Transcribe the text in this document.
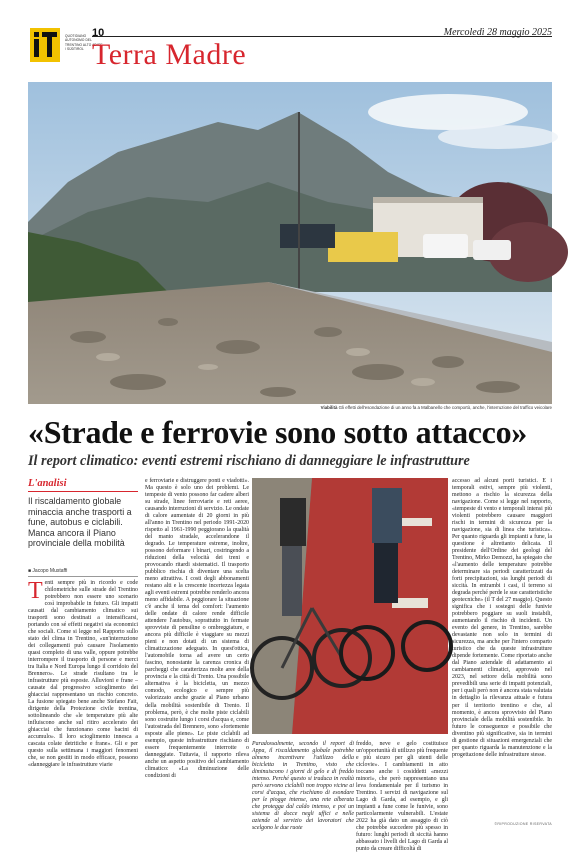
QUOTIDIANO AUTONOMO DEL TRENTINO ALTO ADIGE / SÜDTIROL
10	Mercoledì 28 maggio 2025
Terra Madre
Viabilità Gli effetti dell'esondazione di un anno fa a Malbanello che comportò, anche, l'interruzione del traffico veicolare
«Strade e ferrovie sono sotto attacco»
Il report climatico: eventi estremi rischiano di danneggiare le infrastrutture
L'analisi

Il riscaldamento globale minaccia anche trasporti a fune, autobus e ciclabili. Manca ancora il Piano provinciale della mobilità

■ Jacopo Mustaffi
Tenti sempre più in ricordo e code chilometriche sulle strade del Trentino potrebbero non essere uno scenario così improbabile in futuro. Gli impatti causati dal cambiamento climatico sui trasporti sono destinati a intensificarsi, portando con sé effetti negativi sia economici che sociali. Come si legge nel Rapporto sullo stato del clima in Trentino, «un'interruzione dei collegamenti può causare l'isolamento quasi completo di una valle, oppure potrebbe interrompere il trasporto di persone e merci tra Italia e Nord Europa lungo il corridoio del Brennero». Le strade risultano tra le infrastrutture più esposte. Alluvioni e frane – causate dal progressivo scioglimento dei ghiacciai rappresentano un rischio concreto. La fusione spiegato bene anche Stefano Fait, dirigente della Protezione civile trentina, sottolineando che «le temperature più alte influiscono anche sul ritiro accelerato dei ghiacciai che funzionano come bacini di accumulo». Il loro scioglimento innesca a cascata colate detritiche e frane». Gli e per questo sulla settimana i maggiori fenomeni che, se non gestiti in modo efficace, possono «danneggiare le infrastrutture viarie
e ferroviarie e distruggere ponti e viadotti». Ma questo è solo uno dei problemi. Le tempeste di vento possono far cadere alberi su strade, linee ferroviarie e reti aeree, causando interruzioni di servizio. Le ondate di calore aumentate di 20 giorni in più all'anno in Trentino nel periodo 1991-2020 rispetto al 1961-1990 peggiorano la qualità del manto stradale, accelerandone il degrado. Le temperature estreme, inoltre, possono deformare i binari, costringendo a riduzioni della velocità dei treni e provocando ritardi sistematici. Il trasporto pubblico rischia di diventare una scelta meno attrattiva. I costi degli abbonamenti restano alti e la crescente incertezza legata agli eventi estremi potrebbe renderlo ancora meno affidabile. A peggiorare la situazione c'è anche il tema del comfort: l'aumento delle ondate di calore rende difficile attendere l'autobus, soprattutto in fermate sprovviste di pensiline o ombreggiature, e ancora più difficile è viaggiare su mezzi pieni e non dotati di un sistema di climatizzazione adeguato. In quest'ottica, l'automobile torna ad avere un certo fascino, nonostante la carenza cronica di parcheggi che caratterizza molte aree della provincia e la città di Trento. Una possibile alternativa è la bicicletta, un mezzo comodo, ecologico e sempre più valorizzato anche grazie al Piano urbano della mobilità sostenibile di Trento. Il problema, però, è che molte piste ciclabili sono costruite lungo i corsi d'acqua e, come l'autostrada del Brennero, sono «fortemente esposte alle piene». Le piste ciclabili ad esempio, queste infrastrutture rischiano di essere frequentemente interrotte o danneggiate. Tuttavia, il rapporto rileva anche un aspetto positivo del cambiamento climatico: «La diminuzione delle condizioni di
Paradossalmente, secondo il report di Appa, il riscaldamento globale potrebbe almeno incentivare l'utilizzo della bicicletta in Trentino, visto che diminuiscono i giorni di gelo e di freddo intenso. Perché questo si traduca in realtà però servono ciclabili non troppo vicine ai corsi d'acqua, che rischiano di esondare per le piogge intense, una rete alberata che protegga dal caldo intenso, e poi un sistema di docce negli uffici e nelle aziende al servizio dei lavoratori che scelgono le due ruote
freddo, neve e gelo costituisce un'opportunità di utilizzo più frequente e più sicuro per gli utenti delle ciclovie». I cambiamenti in atto toccano anche i cosiddetti «mezzi minori», che però rappresentano una leva fondamentale per il turismo in Trentino. I servizi di navigazione sul Lago di Garda, ad esempio, e gli impianti a fune come le funivie, sono particolarmente vulnerabili. L'estate 2022 ha già dato un assaggio di ciò che potrebbe succedere più spesso in futuro: lunghi periodi di siccità hanno abbassato i livelli del Lago di Garda al punto da creare difficoltà di
accesso ad alcuni porti turistici. E i temporali estivi, sempre più violenti, mettono a rischio la sicurezza della navigazione. Come si legge nel rapporto, «tempeste di vento e temporali intensi più violenti potrebbero causare maggiori rischi in termini di sicurezza per la navigazione, sia di linea che turistica». Per quanto riguarda gli impianti a fune, la questione è altrettanto delicata. Il presidente dell'Ordine dei geologi del Trentino, Mirko Demozzi, ha spiegato che «l'aumento delle temperature potrebbe determinare sia periodi caratterizzati da forti precipitazioni, sia lunghi periodi di siccità. In entrambi i casi, il terreno si degrada perché perde le sue caratteristiche geotecniche» (il T del 27 maggio). Questo significa che i sostegni delle funivie potrebbero poggiare su suoli instabili, aumentando il rischio di incidenti. Un evento del genere, in Trentino, sarebbe devastante non solo in termini di sicurezza, ma anche per l'intero comparto turistico che da queste infrastrutture dipende fortemente. Come riportato anche dal Piano aziendale di adattamento ai cambiamenti climatici, approvato nel 2023, nel settore della mobilità sono prevedibili una serie di impatti potenziali, per i quali però non è ancora stata valutata in dettaglio la rilevanza attuale e futura per il territorio trentino e che, al momento, è ancora sprovvisto del Piano provinciale della mobilità sostenibile. In futuro le conseguenze e possibile che diventino più significative, sia in termini di gestione di situazioni emergenziali che per quanto riguarda la manutenzione e la progettazione delle infrastrutture stesse.
©RIPRODUZIONE RISERVATA
